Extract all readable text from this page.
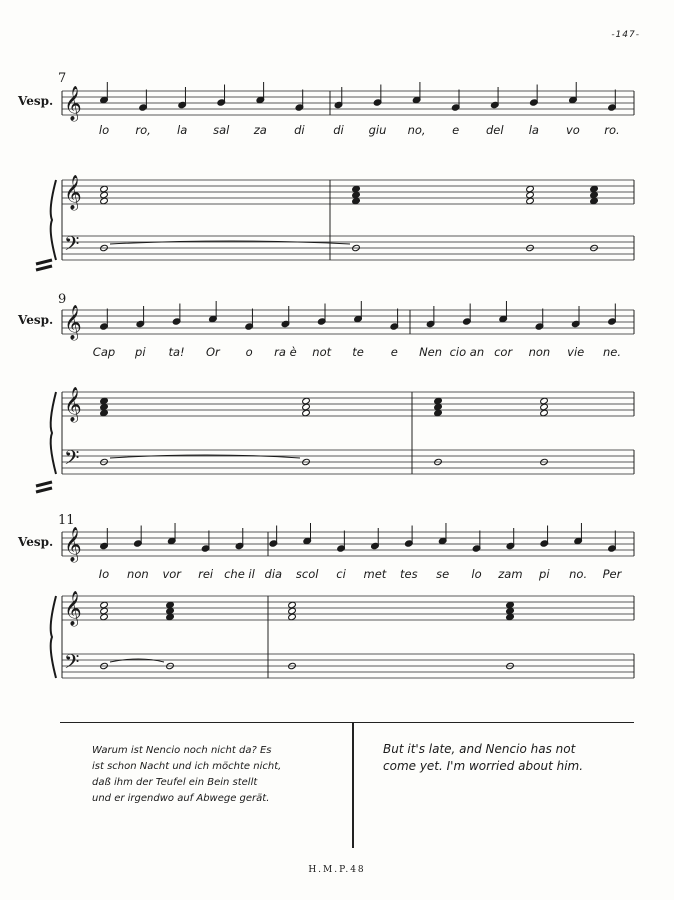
-147-
7
Vesp.
lo ro, la sal za di di giu no, e del la vo ro.
𝄞
𝄞
𝄢
9
Vesp.
Cap pi ta! Or o ra è not te e Nen cio an cor non vie ne.
𝄞
𝄞
𝄢
11
Vesp.
Io non vor rei che il dia scol ci met tes se lo zam pi no. Per
𝄞
𝄞
𝄢
Warum ist Nencio noch nicht da? Es
ist schon Nacht und ich möchte nicht,
daß ihm der Teufel ein Bein stellt
und er irgendwo auf Abwege gerät.
But it's late, and Nencio has not
come yet. I'm worried about him.
H.M.P.48
